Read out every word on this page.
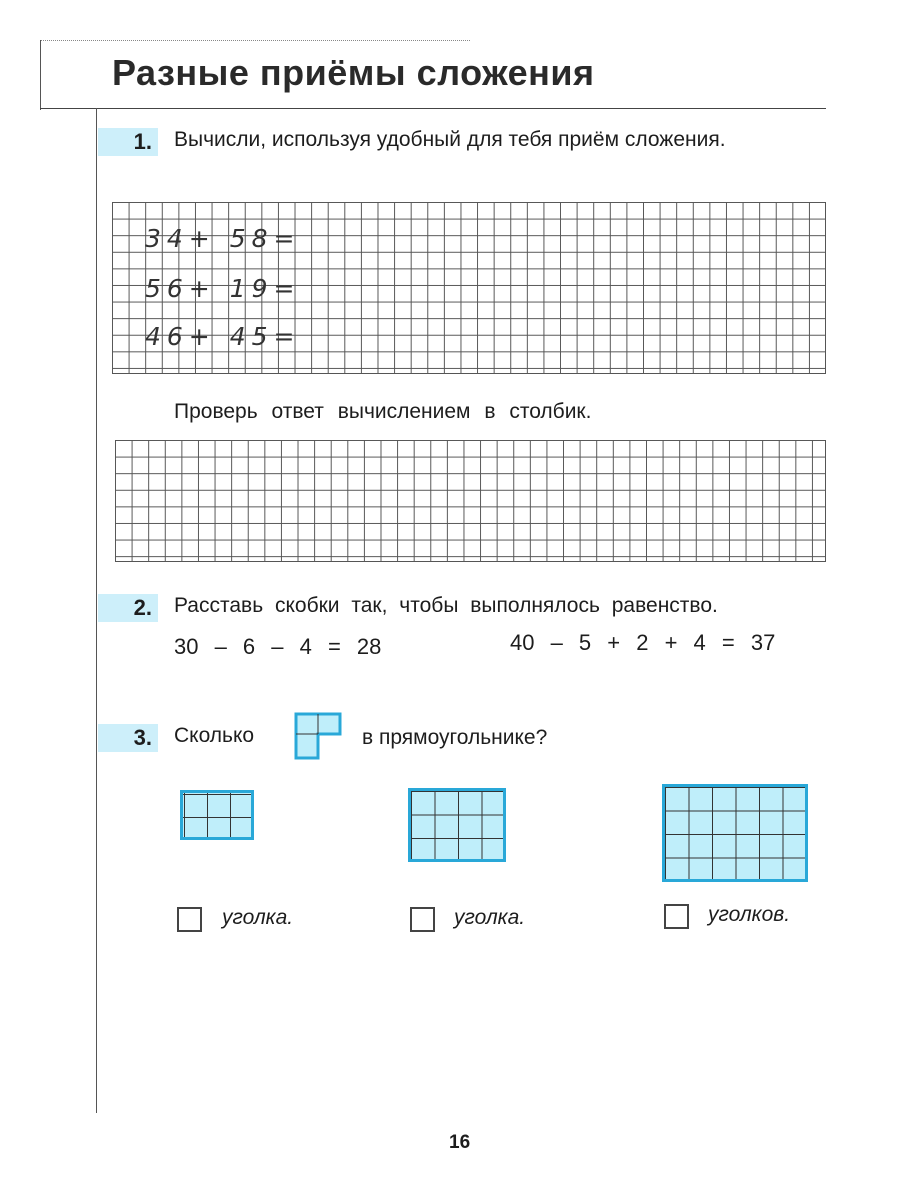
Разные приёмы сложения
1. Вычисли, используя удобный для тебя приём сложения.
34+ 58=
56+ 19=
46+ 45=
Проверь ответ вычислением в столбик.
2. Расставь скобки так, чтобы выполнялось равенство.
30 – 6 – 4 = 28	40 – 5 + 2 + 4 = 37
3. Сколько	в прямоугольнике?
уголка.	уголка.	уголков.
16
